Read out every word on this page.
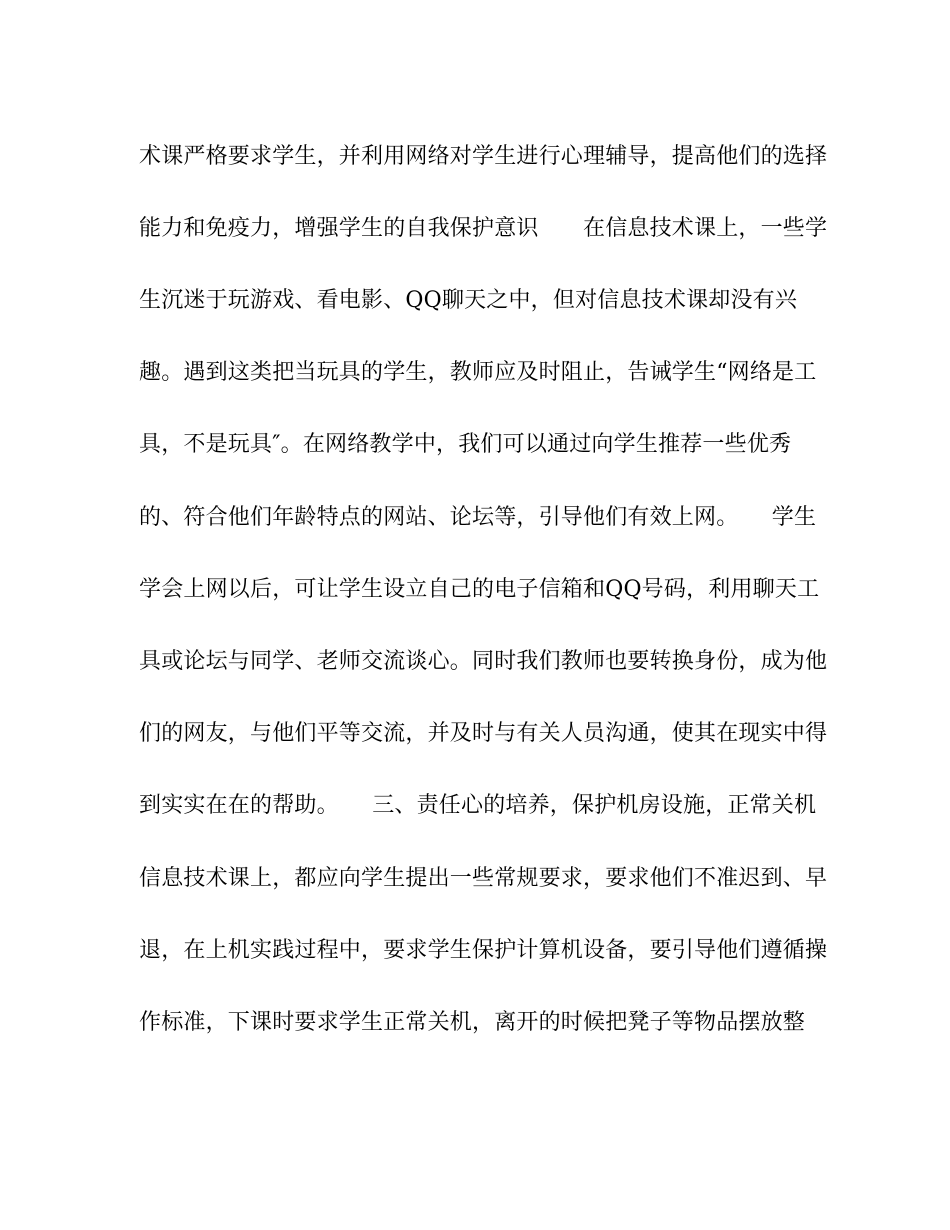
术课严格要求学生，并利用网络对学生进行心理辅导，提高他们的选择
能力和免疫力，增强学生的自我保护意识　　在信息技术课上，一些学
生沉迷于玩游戏、看电影、QQ聊天之中，但对信息技术课却没有兴
趣。遇到这类把当玩具的学生，教师应及时阻止，告诫学生“网络是工
具，不是玩具″。在网络教学中，我们可以通过向学生推荐一些优秀
的、符合他们年龄特点的网站、论坛等，引导他们有效上网。　　学生
学会上网以后，可让学生设立自己的电子信箱和QQ号码，利用聊天工
具或论坛与同学、老师交流谈心。同时我们教师也要转换身份，成为他
们的网友，与他们平等交流，并及时与有关人员沟通，使其在现实中得
到实实在在的帮助。　　三、责任心的培养，保护机房设施，正常关机
信息技术课上，都应向学生提出一些常规要求，要求他们不准迟到、早
退，在上机实践过程中，要求学生保护计算机设备，要引导他们遵循操
作标准，下课时要求学生正常关机，离开的时候把凳子等物品摆放整
